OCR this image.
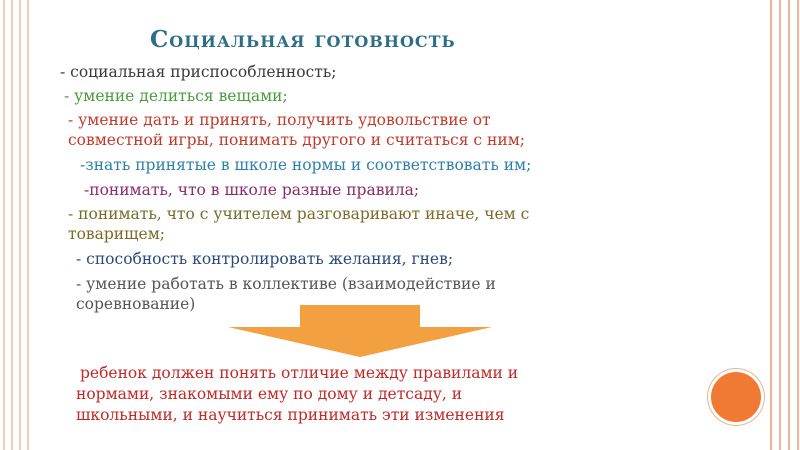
Социальная готовность
- социальная приспособленность;
- умение делиться вещами;
- умение дать и принять, получить удовольствие от
совместной игры, понимать другого и считаться с ним;
-знать принятые в школе нормы и соответствовать им;
-понимать, что в школе разные правила;
- понимать, что с учителем разговаривают иначе, чем с
товарищем;
- способность контролировать желания, гнев;
- умение работать в коллективе (взаимодействие и
соревнование)
ребенок должен понять отличие между правилами и
нормами, знакомыми ему по дому и детсаду, и
школьными, и научиться принимать эти изменения
